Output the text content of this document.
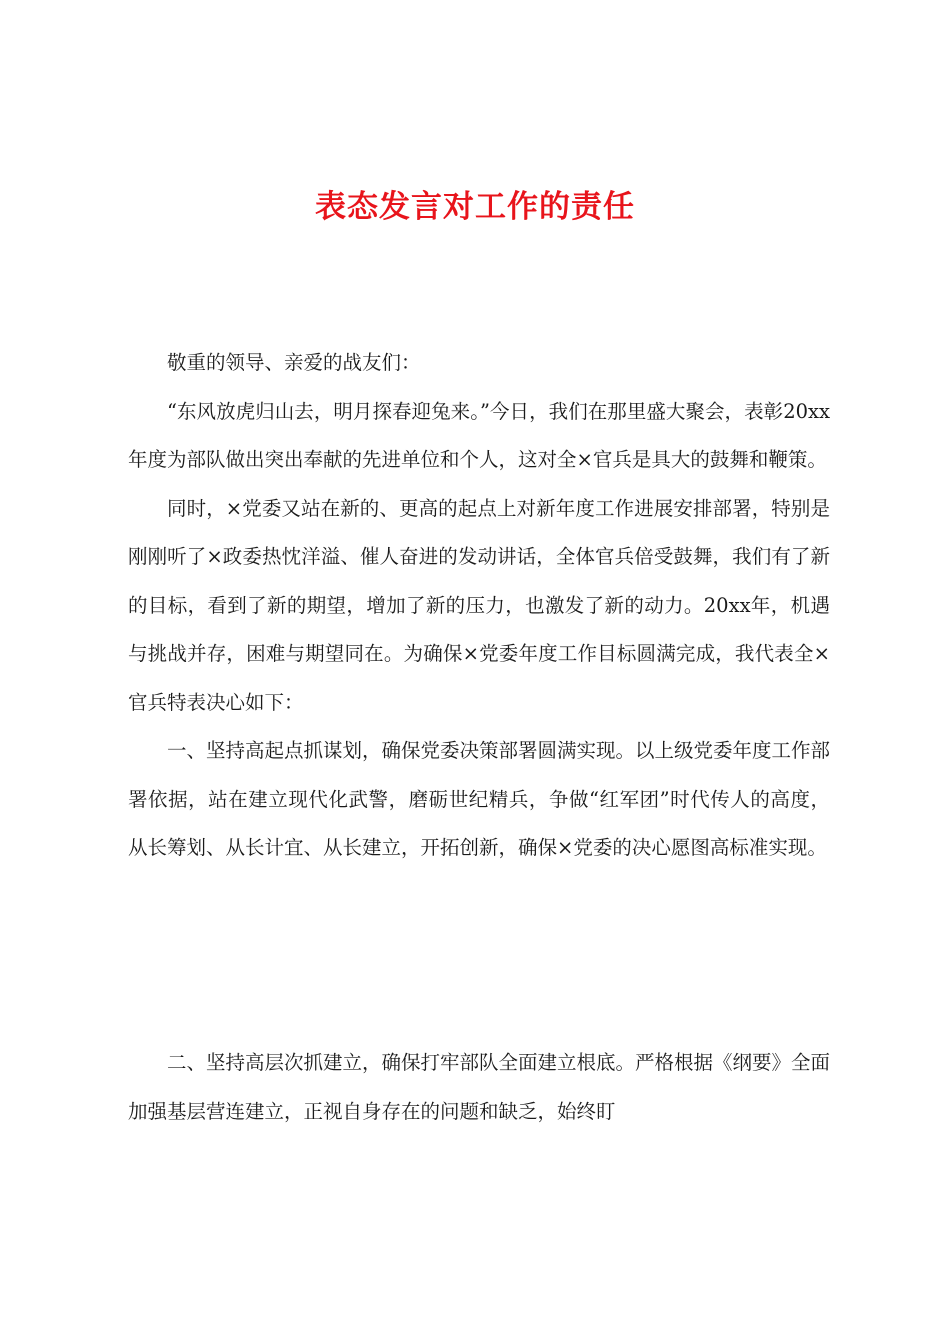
表态发言对工作的责任

敬重的领导、亲爱的战友们：

“东风放虎归山去，明月探春迎兔来。”今日，我们在那里盛大聚会，表彰20xx年度为部队做出突出奉献的先进单位和个人，这对全×官兵是具大的鼓舞和鞭策。

同时，×党委又站在新的、更高的起点上对新年度工作进展安排部署，特别是刚刚听了×政委热忱洋溢、催人奋进的发动讲话，全体官兵倍受鼓舞，我们有了新的目标，看到了新的期望，增加了新的压力，也激发了新的动力。20xx年，机遇与挑战并存，困难与期望同在。为确保×党委年度工作目标圆满完成，我代表全×官兵特表决心如下：

一、坚持高起点抓谋划，确保党委决策部署圆满实现。以上级党委年度工作部署依据，站在建立现代化武警，磨砺世纪精兵，争做“红军团”时代传人的高度，从长筹划、从长计宜、从长建立，开拓创新，确保×党委的决心愿图高标准实现。

二、坚持高层次抓建立，确保打牢部队全面建立根底。严格根据《纲要》全面加强基层营连建立，正视自身存在的问题和缺乏，始终盯
